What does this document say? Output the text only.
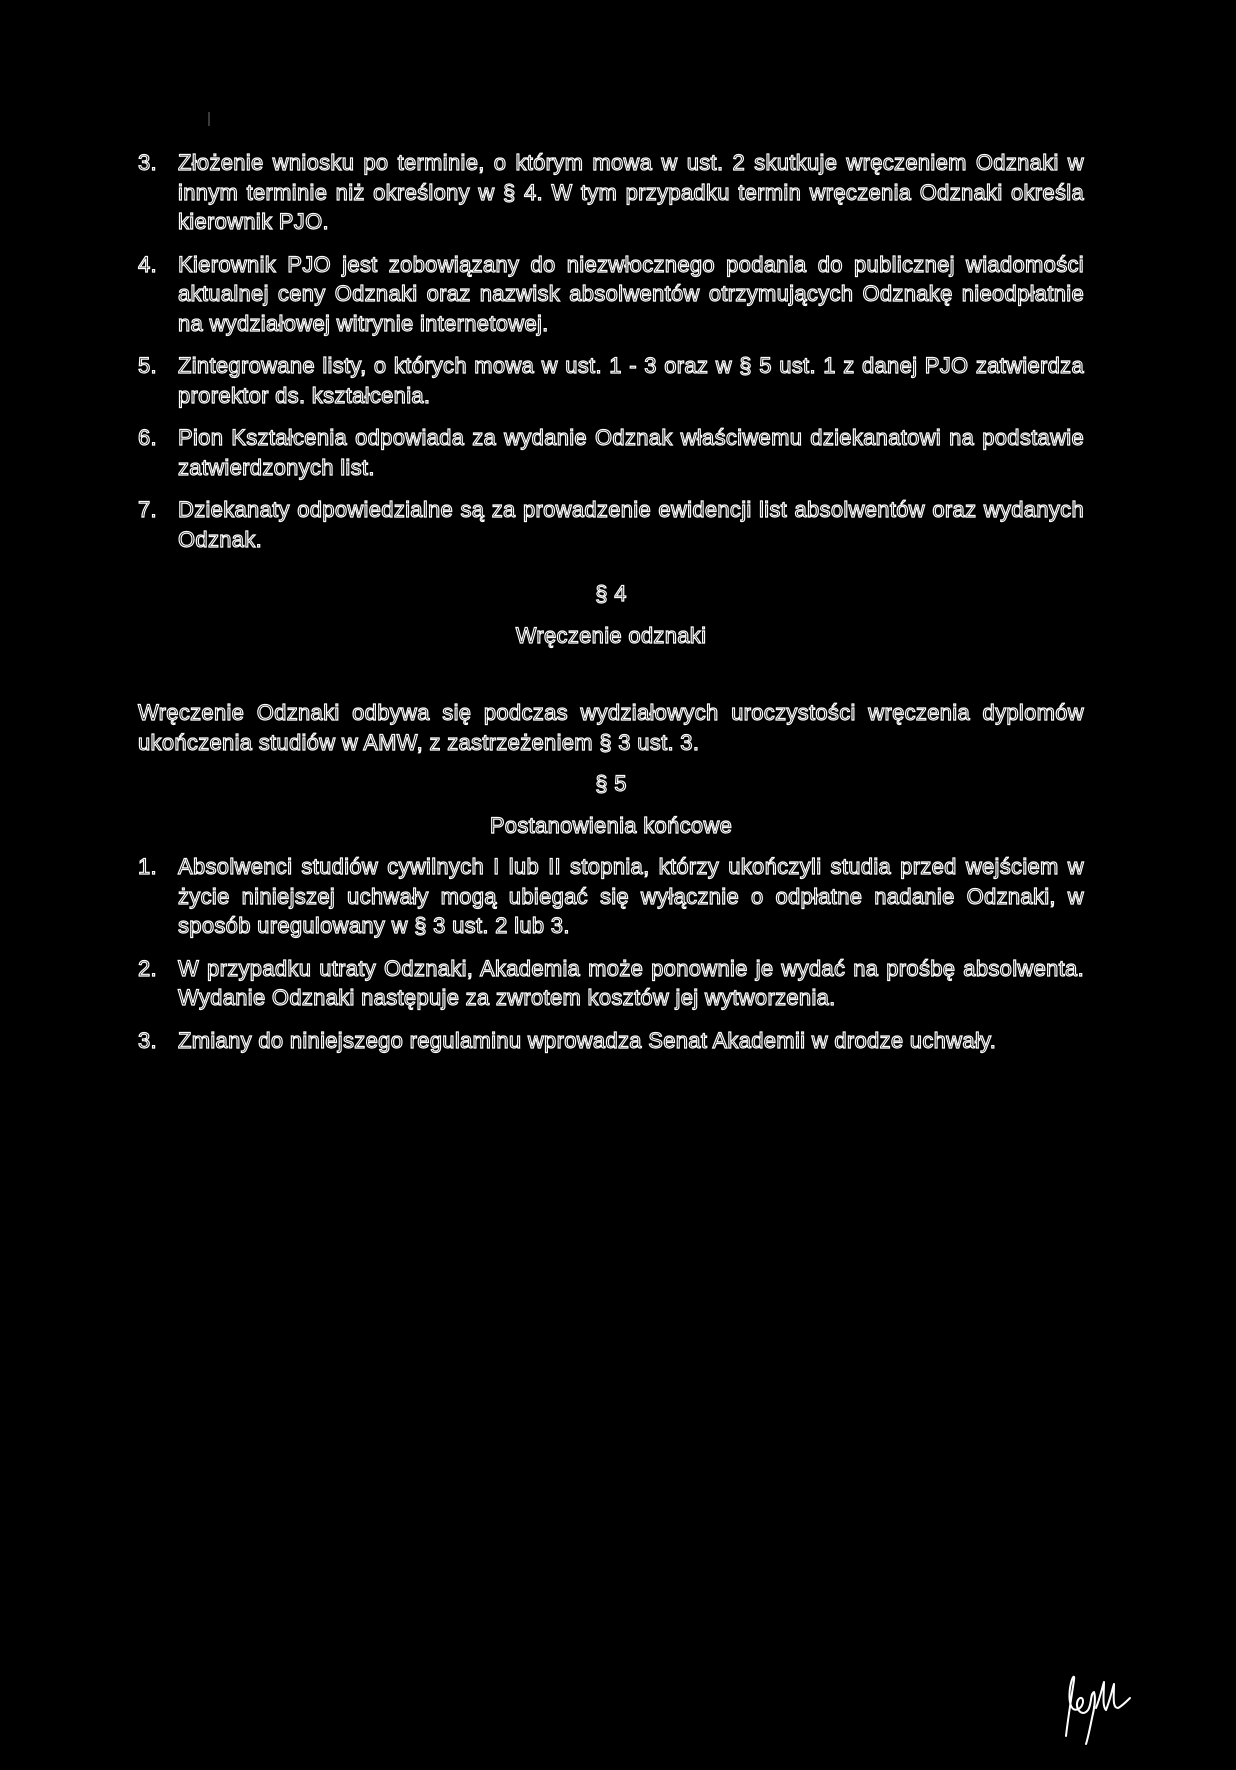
3. Złożenie wniosku po terminie, o którym mowa w ust. 2 skutkuje wręczeniem Odznaki w innym terminie niż określony w § 4. W tym przypadku termin wręczenia Odznaki określa kierownik PJO.
4. Kierownik PJO jest zobowiązany do niezwłocznego podania do publicznej wiadomości aktualnej ceny Odznaki oraz nazwisk absolwentów otrzymujących Odznakę nieodpłatnie na wydziałowej witrynie internetowej.
5. Zintegrowane listy, o których mowa w ust. 1 - 3 oraz w § 5 ust. 1 z danej PJO zatwierdza prorektor ds. kształcenia.
6. Pion Kształcenia odpowiada za wydanie Odznak właściwemu dziekanatowi na podstawie zatwierdzonych list.
7. Dziekanaty odpowiedzialne są za prowadzenie ewidencji list absolwentów oraz wydanych Odznak.

§ 4

Wręczenie odznaki

Wręczenie Odznaki odbywa się podczas wydziałowych uroczystości wręczenia dyplomów ukończenia studiów w AMW, z zastrzeżeniem § 3 ust. 3.

§ 5

Postanowienia końcowe

1. Absolwenci studiów cywilnych I lub II stopnia, którzy ukończyli studia przed wejściem w życie niniejszej uchwały mogą ubiegać się wyłącznie o odpłatne nadanie Odznaki, w sposób uregulowany w § 3 ust. 2 lub 3.
2. W przypadku utraty Odznaki, Akademia może ponownie je wydać na prośbę absolwenta. Wydanie Odznaki następuje za zwrotem kosztów jej wytworzenia.
3. Zmiany do niniejszego regulaminu wprowadza Senat Akademii w drodze uchwały.
